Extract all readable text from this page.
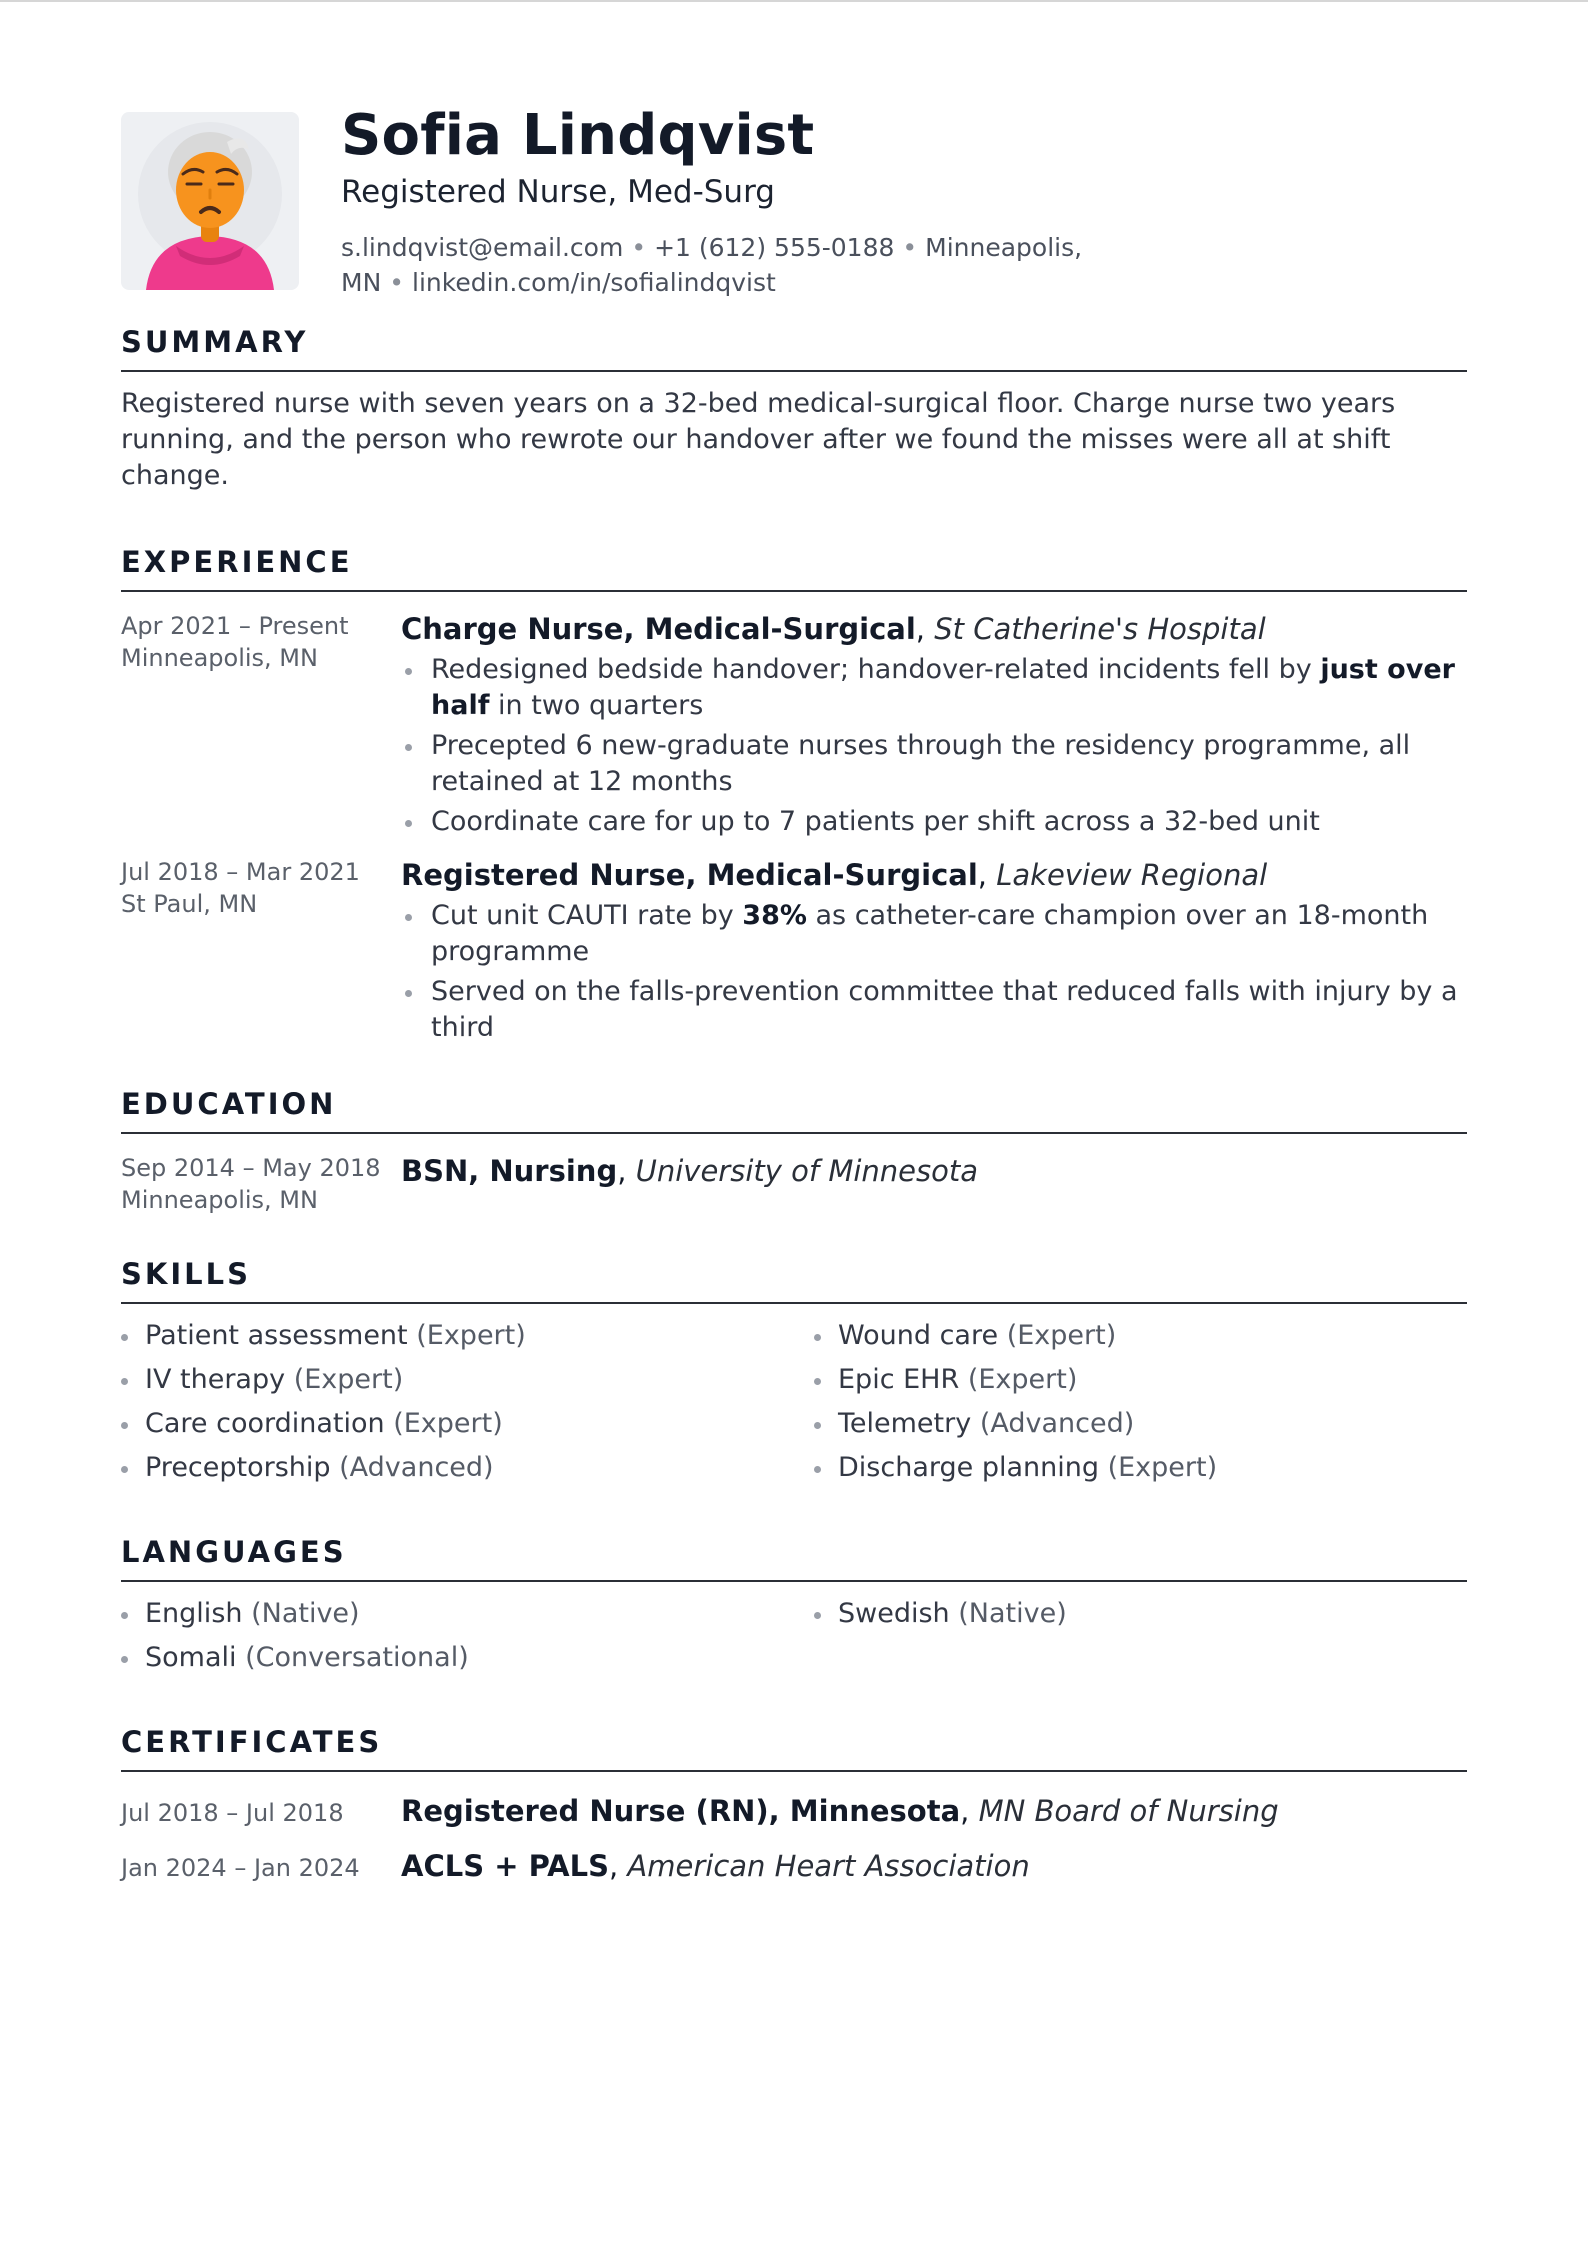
Sofia Lindqvist
Registered Nurse, Med-Surg
s.lindqvist@email.com • +1 (612) 555-0188 • Minneapolis, MN • linkedin.com/in/sofialindqvist
SUMMARY
Registered nurse with seven years on a 32-bed medical-surgical floor. Charge nurse two years running, and the person who rewrote our handover after we found the misses were all at shift change.
EXPERIENCE
Apr 2021 – Present
Minneapolis, MN
Charge Nurse, Medical-Surgical, St Catherine's Hospital
Redesigned bedside handover; handover-related incidents fell by just over half in two quarters
Precepted 6 new-graduate nurses through the residency programme, all retained at 12 months
Coordinate care for up to 7 patients per shift across a 32-bed unit
Jul 2018 – Mar 2021
St Paul, MN
Registered Nurse, Medical-Surgical, Lakeview Regional
Cut unit CAUTI rate by 38% as catheter-care champion over an 18-month programme
Served on the falls-prevention committee that reduced falls with injury by a third
EDUCATION
Sep 2014 – May 2018
Minneapolis, MN
BSN, Nursing, University of Minnesota
SKILLS
Patient assessment (Expert)	Wound care (Expert)
IV therapy (Expert)	Epic EHR (Expert)
Care coordination (Expert)	Telemetry (Advanced)
Preceptorship (Advanced)	Discharge planning (Expert)
LANGUAGES
English (Native)	Swedish (Native)
Somali (Conversational)
CERTIFICATES
Jul 2018 – Jul 2018	Registered Nurse (RN), Minnesota, MN Board of Nursing
Jan 2024 – Jan 2024	ACLS + PALS, American Heart Association
